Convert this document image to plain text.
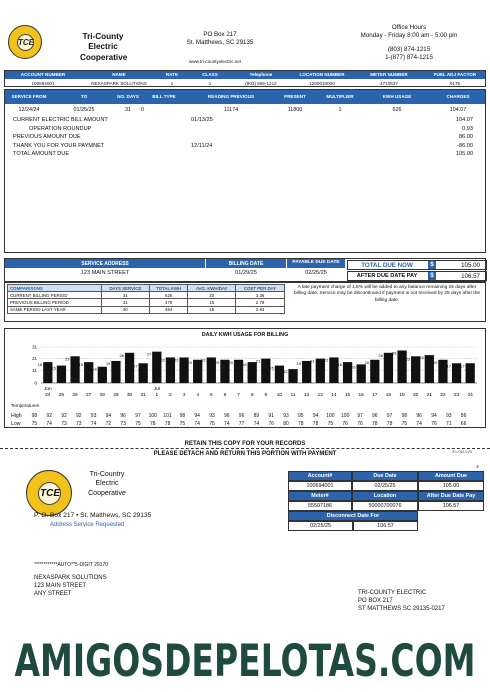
TCE
Tri-County
Electric
Cooperative
PO Box 217
St. Matthews, SC 29135
www.tri-countyelectric.net
Office Hours
Monday - Friday 8:00 am - 5:00 pm
(803) 874-1215
1-(877) 874-1215
ACCOUNT NUMBER	NAME	RATE	CLASS	Telephone	LOCATION NUMBER	METER NUMBER	FUEL ADJ FACTOR
100694001	NEXASPARK SOLUTIONS	1	1	(803) 555-1212	1200010000	4710537	0175
SERVICE FROM	TO	NO. DAYS	BILL TYPE	READING PREVIOUS	PRESENT	MULTIPLIER	KWH USAGE	CHARGES
12/24/24	01/25/25	31	0	11174	11800	1	626	104.07
CURRENT ELECTRIC BILL AMOUNT	01/13/25	104.07
OPERATION ROUNDUP	0.93
PREVIOUS AMOUNT DUE	86.00
THANK YOU FOR YOUR PAYMNET	12/11/24	-86.00
TOTAL AMOUNT DUE	105.00
SERVICE ADDRESS
123 MAIN STREET
BILLING DATE
01/29/25
PAYABLE DUE DATE
02/25/25
TOTAL DUE NOW	$	105.00
AFTER DUE DATE PAY	$	106.57
COMPARISONS	DAYS SERVICE	TOTAL KWH	AVG. KWH/DAY	COST PER DAY
CURRENT BILLING PERIOD	31	626	20	3.36
PREVIOUS BILLING PERIOD	31	479	15	2.78
SAME PERIOD LAST YEAR	30	464	15	2.93
A late payment charge of 1.5% will be added to any balance remaining 15 days after billing date. Service may be discontinued if payment is not received by 25 days after the billing date.
DAILY KWH USAGE FOR BILLING
0
11
21
31
18
24
15
25
23
26
18
27
14
28
19
29
26
30
17
31
27
1
22
2
22
3
20
4
22
5
20
6
20
7
18
8
21
9
15
10
12
11
19
12
21
13
22
14
18
15
16
16
20
17
26
18
28
19
23
20
24
21
20
22
17
23
17
24
Jun	Jul
Temperatures
High
Low
98	92	92	92	93	94	96	97	100	101	98	94	93	96	96	89	91	93	95	94	100	100	97	96	97	98	96	94	93	86
75	74	73	73	74	72	73	75	78	78	75	74	75	74	77	74	76	80	78	78	75	76	76	78	78	75	74	76	71	66
RETAIN THIS COPY FOR YOUR RECORDS
PLEASE DETACH AND RETURN THIS PORTION WITH PAYMENT	SC/0614/25
3
TCE
Tri-Country
Electric
Cooperative
P. O. Box 217 • St. Matthews, SC 29135
Address Service Requested
Account#	Due Date	Amount Due
100694001	02/25/25	105.00
Meter#	Location	After Due Date Pay
55507186	50000700076	106.57
Disconnect Date For
02/25/25	106.57
************AUTO**5-DIGIT 29170
NEXASPARK SOLUTIONS
123 MAIN STREET
ANY STREET	TRI-COUNTY ELECTRIC
PO BOX 217
ST MATTHEWS SC 29135-0217
AMIGOSDEPELOTAS.COM
